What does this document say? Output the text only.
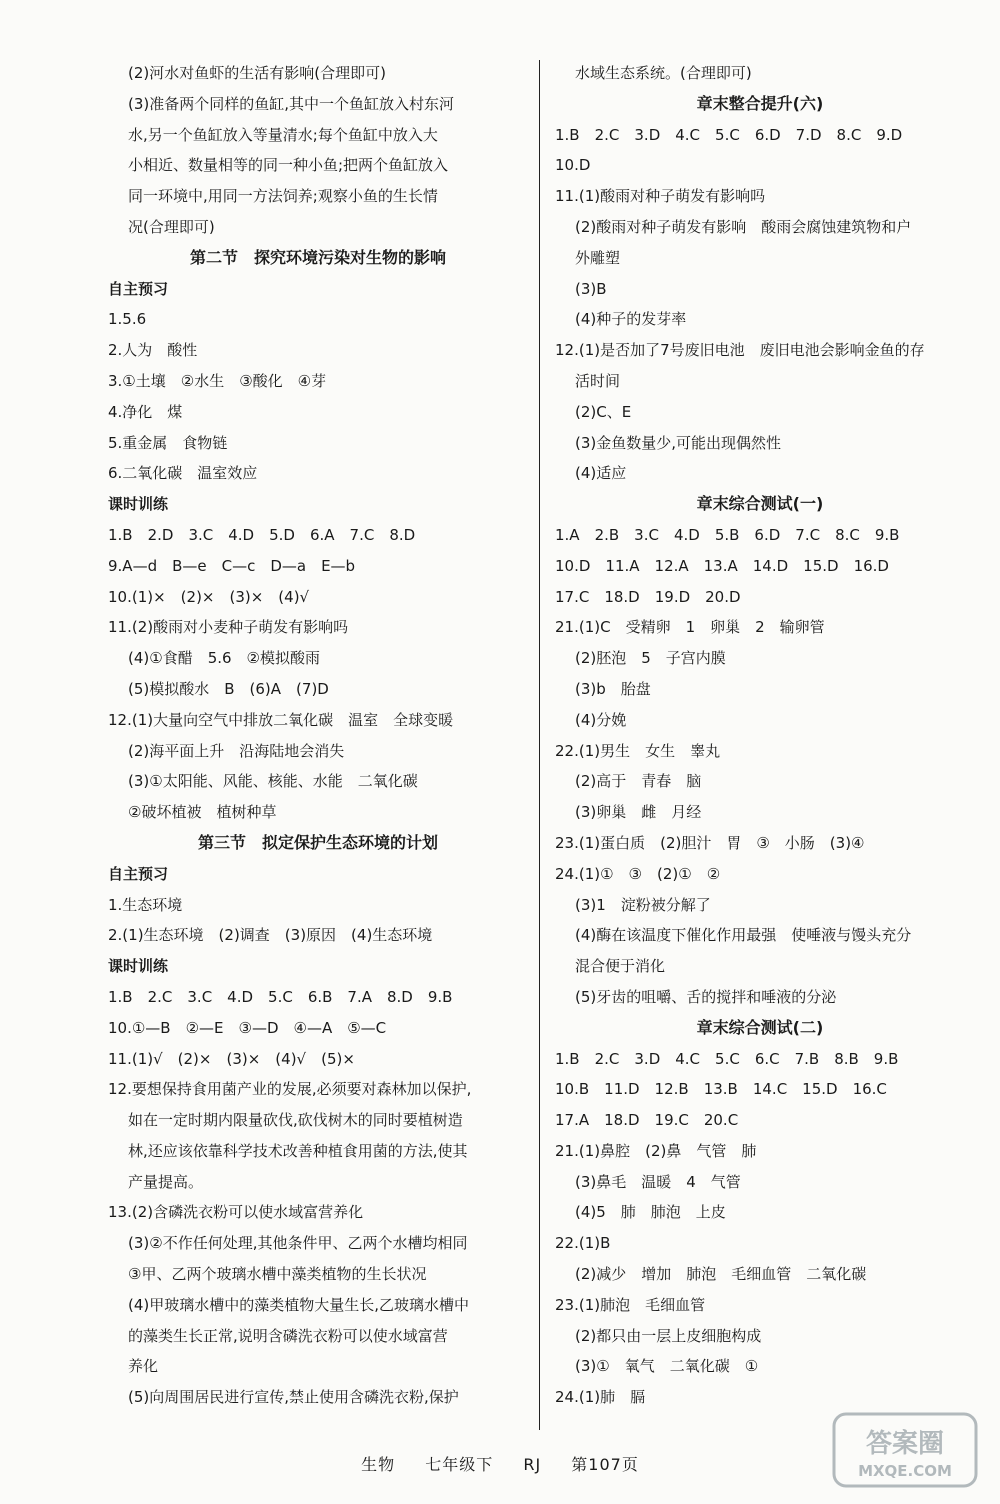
(2)河水对鱼虾的生活有影响(合理即可)
(3)准备两个同样的鱼缸,其中一个鱼缸放入村东河
水,另一个鱼缸放入等量清水;每个鱼缸中放入大
小相近、数量相等的同一种小鱼;把两个鱼缸放入
同一环境中,用同一方法饲养;观察小鱼的生长情
况(合理即可)
第二节　探究环境污染对生物的影响
自主预习
1.5.6
2.人为　酸性
3.①土壤　②水生　③酸化　④芽
4.净化　煤
5.重金属　食物链
6.二氧化碳　温室效应
课时训练
1.B　2.D　3.C　4.D　5.D　6.A　7.C　8.D
9.A—d　B—e　C—c　D—a　E—b
10.(1)×　(2)×　(3)×　(4)√
11.(2)酸雨对小麦种子萌发有影响吗
(4)①食醋　5.6　②模拟酸雨
(5)模拟酸水　B　(6)A　(7)D
12.(1)大量向空气中排放二氧化碳　温室　全球变暖
(2)海平面上升　沿海陆地会消失
(3)①太阳能、风能、核能、水能　二氧化碳
②破坏植被　植树种草
第三节　拟定保护生态环境的计划
自主预习
1.生态环境
2.(1)生态环境　(2)调查　(3)原因　(4)生态环境
课时训练
1.B　2.C　3.C　4.D　5.C　6.B　7.A　8.D　9.B
10.①—B　②—E　③—D　④—A　⑤—C
11.(1)√　(2)×　(3)×　(4)√　(5)×
12.要想保持食用菌产业的发展,必须要对森林加以保护,
如在一定时期内限量砍伐,砍伐树木的同时要植树造
林,还应该依靠科学技术改善种植食用菌的方法,使其
产量提高。
13.(2)含磷洗衣粉可以使水域富营养化
(3)②不作任何处理,其他条件甲、乙两个水槽均相同
③甲、乙两个玻璃水槽中藻类植物的生长状况
(4)甲玻璃水槽中的藻类植物大量生长,乙玻璃水槽中
的藻类生长正常,说明含磷洗衣粉可以使水域富营
养化
(5)向周围居民进行宣传,禁止使用含磷洗衣粉,保护
水域生态系统。(合理即可)
章末整合提升(六)
1.B　2.C　3.D　4.C　5.C　6.D　7.D　8.C　9.D
10.D
11.(1)酸雨对种子萌发有影响吗
(2)酸雨对种子萌发有影响　酸雨会腐蚀建筑物和户
外雕塑
(3)B
(4)种子的发芽率
12.(1)是否加了7号废旧电池　废旧电池会影响金鱼的存
活时间
(2)C、E
(3)金鱼数量少,可能出现偶然性
(4)适应
章末综合测试(一)
1.A　2.B　3.C　4.D　5.B　6.D　7.C　8.C　9.B
10.D　11.A　12.A　13.A　14.D　15.D　16.D
17.C　18.D　19.D　20.D
21.(1)C　受精卵　1　卵巢　2　输卵管
(2)胚泡　5　子宫内膜
(3)b　胎盘
(4)分娩
22.(1)男生　女生　睾丸
(2)高于　青春　脑
(3)卵巢　雌　月经
23.(1)蛋白质　(2)胆汁　胃　③　小肠　(3)④
24.(1)①　③　(2)①　②
(3)1　淀粉被分解了
(4)酶在该温度下催化作用最强　使唾液与馒头充分
混合便于消化
(5)牙齿的咀嚼、舌的搅拌和唾液的分泌
章末综合测试(二)
1.B　2.C　3.D　4.C　5.C　6.C　7.B　8.B　9.B
10.B　11.D　12.B　13.B　14.C　15.D　16.C
17.A　18.D　19.C　20.C
21.(1)鼻腔　(2)鼻　气管　肺
(3)鼻毛　温暖　4　气管
(4)5　肺　肺泡　上皮
22.(1)B
(2)减少　增加　肺泡　毛细血管　二氧化碳
23.(1)肺泡　毛细血管
(2)都只由一层上皮细胞构成
(3)①　氧气　二氧化碳　①
24.(1)肺　膈
生物 七年级下 RJ 第107页
答案圈
MXQE.COM
